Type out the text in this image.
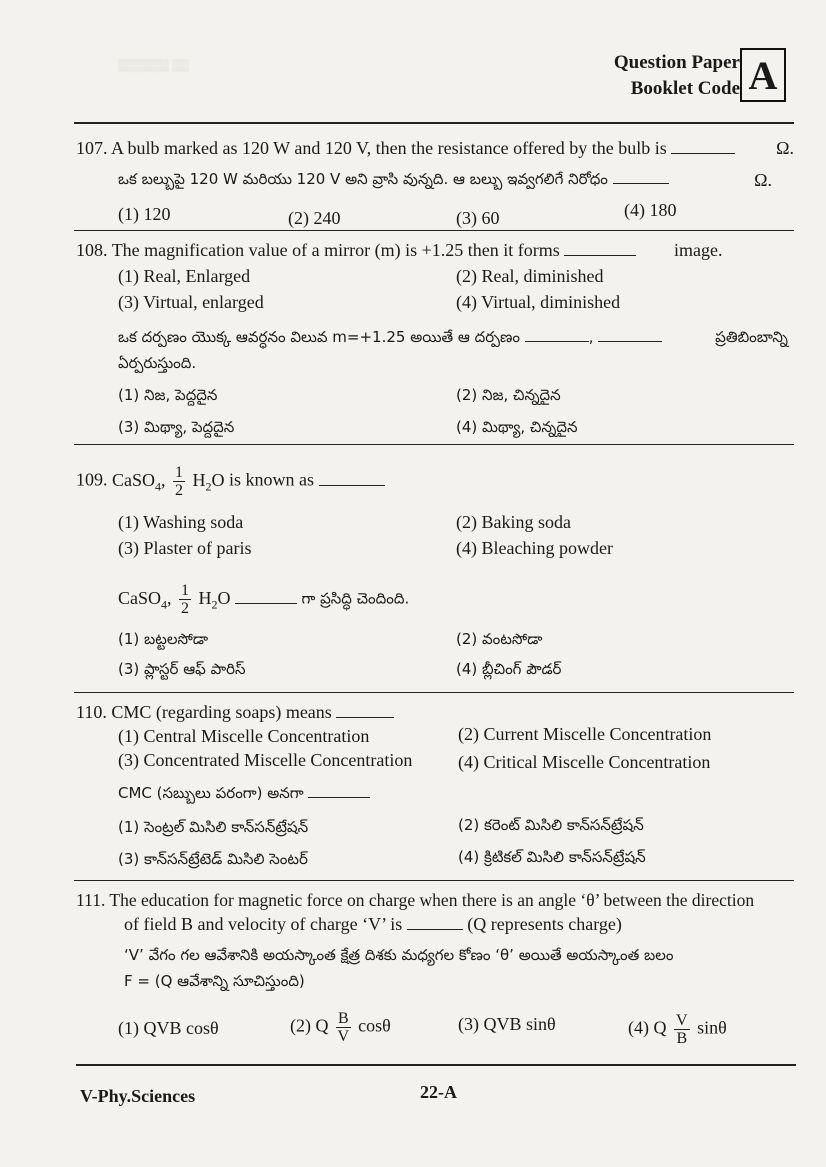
▒▒▒▒▒▒ ▒▒	Question Paper
Booklet Code A
107. A bulb marked as 120 W and 120 V, then the resistance offered by the bulb is	Ω.
ఒక బల్బుపై 120 W మరియు 120 V అని వ్రాసి వున్నది. ఆ బల్బు ఇవ్వగలిగే నిరోధం	Ω.
(1) 120	(2) 240	(3) 60	(4) 180
108. The magnification value of a mirror (m) is +1.25 then it forms	image.
(1) Real, Enlarged	(2) Real, diminished
(3) Virtual, enlarged	(4) Virtual, diminished
ఒక దర్పణం యొక్క ఆవర్ధనం విలువ m=+1.25 అయితే ఆ దర్పణం	,	ప్రతిబింబాన్ని
ఏర్పరుస్తుంది.
(1) నిజ, పెద్దదైన	(2) నిజ, చిన్నదైన
(3) మిథ్యా, పెద్దదైన	(4) మిథ్యా, చిన్నదైన
109. CaSO$_4$, $\frac{1}{2} H_2O$ is known as
(1) Washing soda	(2) Baking soda
(3) Plaster of paris	(4) Bleaching powder
CaSO$_4$, $\frac{1}{2} H_2O$	గా ప్రసిద్ధి చెందింది.
(1) బట్టలసోడా	(2) వంటసోడా
(3) ప్లాస్టర్ ఆఫ్ పారిస్	(4) బ్లీచింగ్ పౌడర్
110. CMC (regarding soaps) means
(1) Central Miscelle Concentration	(2) Current Miscelle Concentration
(3) Concentrated Miscelle Concentration	(4) Critical Miscelle Concentration
CMC (సబ్బులు పరంగా) అనగా
(1) సెంట్రల్ మిసిలి కాన్‌సన్‌ట్రేషన్	(2) కరెంట్ మిసిలి కాన్‌సన్‌ట్రేషన్
(3) కాన్‌సన్‌ట్రేటెడ్ మిసిలి సెంటర్	(4) క్రిటికల్ మిసిలి కాన్‌సన్‌ట్రేషన్
111. The education for magnetic force on charge when there is an angle ‘θ’ between the direction
of field B and velocity of charge ‘V’ is	(Q represents charge)
‘V’ వేగం గల ఆవేశానికి అయస్కాంత క్షేత్ర దిశకు మధ్యగల కోణం ‘θ’ అయితే అయస్కాంత బలం
F = (Q ఆవేశాన్ని సూచిస్తుంది)
(1) QVB cosθ	(2) Q $\frac{B}{V}$ cosθ	(3) QVB sinθ	(4) Q $\frac{V}{B}$ sinθ
V-Phy.Sciences	22-A
